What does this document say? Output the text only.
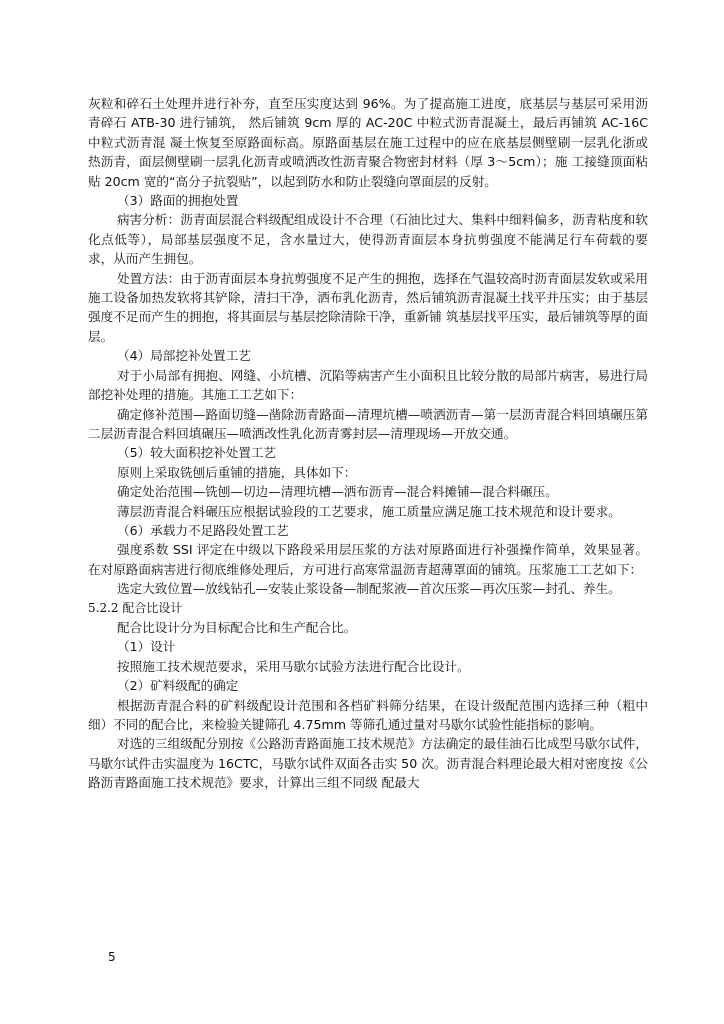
灰粒和碎石土处理并进行补夯，直至压实度达到 96%。为了提高施工进度，底基层与基层可采用沥青碎石 ATB-30 进行铺筑， 然后铺筑 9cm 厚的 AC-20C 中粒式沥青混凝土，最后再铺筑 AC-16C 中粒式沥青混 凝土恢复至原路面标高。原路面基层在施工过程中的应在底基层侧壁刷一层乳化浙或 热沥青，面层侧壁刷一层乳化沥青或喷洒改性沥青聚合物密封材料（厚 3〜5cm）；施 工接缝顶面粘贴 20cm 宽的“高分子抗裂贴”，以起到防水和防止裂缝向罩面层的反射。

（3）路面的拥抱处置

病害分析：沥青面层混合料级配组成设计不合理（石油比过大、集料中细料偏多，沥青粘度和软化点低等），局部基层强度不足，含水量过大，使得沥青面层本身抗剪强度不能满足行车荷载的要求，从而产生拥包。

处置方法：由于沥青面层本身抗剪强度不足产生的拥抱，选择在气温较高时沥青面层发软或采用施工设备加热发软将其铲除，清扫干净，洒布乳化沥青，然后铺筑沥青混凝土找平并压实；由于基层强度不足而产生的拥抱，将其面层与基层挖除清除干净，重新铺 筑基层找平压实，最后铺筑等厚的面层。

（4）局部挖补处置工艺

对于小局部有拥抱、网缝、小坑槽、沉陷等病害产生小面积且比较分散的局部片病害，易进行局部挖补处理的措施。其施工工艺如下：

确定修补范围—路面切缝—凿除沥青路面—清理坑槽—喷洒沥青—第一层沥青混合料回填碾压第二层沥青混合料回填碾压—喷洒改性乳化沥青雾封层—清理现场—开放交通。

（5）较大面积挖补处置工艺

原则上采取铣刨后重铺的措施，具体如下：

确定处治范围—铣刨—切边—清理坑槽—洒布沥青—混合料摊铺—混合料碾压。

薄层沥青混合料碾压应根据试验段的工艺要求，施工质量应满足施工技术规范和设计要求。

（6）承载力不足路段处置工艺

强度系数 SSI 评定在中级以下路段采用层压浆的方法对原路面进行补强操作简单，效果显著。在对原路面病害进行彻底维修处理后，方可进行高寒常温沥青超薄罩面的铺筑。压浆施工工艺如下：

选定大致位置—放线钻孔—安装止浆设备—制配浆液—首次压浆—再次压浆—封孔、养生。

5.2.2 配合比设计

配合比设计分为目标配合比和生产配合比。

（1）设计

按照施工技术规范要求，采用马歇尔试验方法进行配合比设计。

（2）矿料级配的确定

根据沥青混合料的矿料级配设计范围和各档矿料筛分结果，在设计级配范围内选择三种（粗中细）不同的配合比，来检验关键筛孔 4.75mm 等筛孔通过量对马歇尔试验性能指标的影响。

对选的三组级配分别按《公路沥青路面施工技术规范》方法确定的最佳油石比成型马歇尔试件，马歇尔试件击实温度为 16CTC，马歇尔试件双面各击实 50 次。沥青混合料理论最大相对密度按《公路沥青路面施工技术规范》要求，计算出三组不同级 配最大

5
